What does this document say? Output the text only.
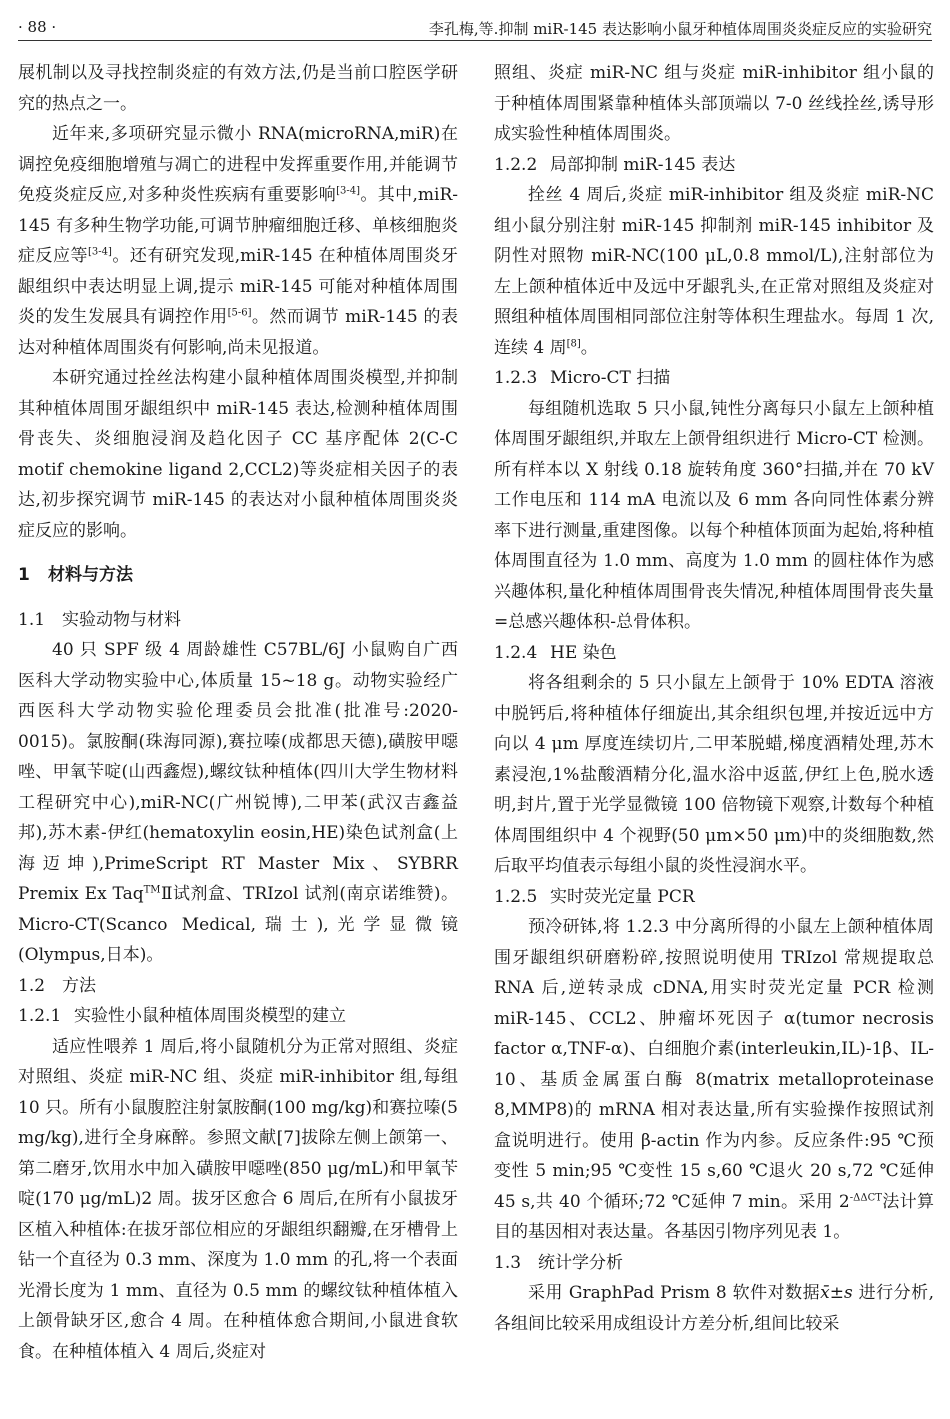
· 88 ·	李孔梅,等.抑制 miR-145 表达影响小鼠牙种植体周围炎炎症反应的实验研究

展机制以及寻找控制炎症的有效方法,仍是当前口腔医学研究的热点之一。

近年来,多项研究显示微小 RNA(microRNA,miR)在调控免疫细胞增殖与凋亡的进程中发挥重要作用,并能调节免疫炎症反应,对多种炎性疾病有重要影响[3-4]。其中,miR-145 有多种生物学功能,可调节肿瘤细胞迁移、单核细胞炎症反应等[3-4]。还有研究发现,miR-145 在种植体周围炎牙龈组织中表达明显上调,提示 miR-145 可能对种植体周围炎的发生发展具有调控作用[5-6]。然而调节 miR-145 的表达对种植体周围炎有何影响,尚未见报道。

本研究通过拴丝法构建小鼠种植体周围炎模型,并抑制其种植体周围牙龈组织中 miR-145 表达,检测种植体周围骨丧失、炎细胞浸润及趋化因子 CC 基序配体 2(C-C motif chemokine ligand 2,CCL2)等炎症相关因子的表达,初步探究调节 miR-145 的表达对小鼠种植体周围炎炎症反应的影响。

1 材料与方法

1.1 实验动物与材料

40 只 SPF 级 4 周龄雄性 C57BL/6J 小鼠购自广西医科大学动物实验中心,体质量 15~18 g。动物实验经广西医科大学动物实验伦理委员会批准(批准号:2020-0015)。氯胺酮(珠海同源),赛拉嗪(成都思天德),磺胺甲噁唑、甲氧苄啶(山西鑫煜),螺纹钛种植体(四川大学生物材料工程研究中心),miR-NC(广州锐博),二甲苯(武汉吉鑫益邦),苏木素-伊红(hematoxylin eosin,HE)染色试剂盒(上海迈坤),PrimeScript RT Master Mix、SYBRR Premix Ex Taq™Ⅱ试剂盒、TRIzol 试剂(南京诺维赞)。Micro-CT(Scanco Medical,瑞士),光学显微镜(Olympus,日本)。

1.2 方法

1.2.1 实验性小鼠种植体周围炎模型的建立

适应性喂养 1 周后,将小鼠随机分为正常对照组、炎症对照组、炎症 miR-NC 组、炎症 miR-inhibitor 组,每组 10 只。所有小鼠腹腔注射氯胺酮(100 mg/kg)和赛拉嗪(5 mg/kg),进行全身麻醉。参照文献[7]拔除左侧上颌第一、第二磨牙,饮用水中加入磺胺甲噁唑(850 μg/mL)和甲氧苄啶(170 μg/mL)2 周。拔牙区愈合 6 周后,在所有小鼠拔牙区植入种植体:在拔牙部位相应的牙龈组织翻瓣,在牙槽骨上钻一个直径为 0.3 mm、深度为 1.0 mm 的孔,将一个表面光滑长度为 1 mm、直径为 0.5 mm 的螺纹钛种植体植入上颌骨缺牙区,愈合 4 周。在种植体愈合期间,小鼠进食软食。在种植体植入 4 周后,炎症对

照组、炎症 miR-NC 组与炎症 miR-inhibitor 组小鼠的于种植体周围紧靠种植体头部顶端以 7-0 丝线拴丝,诱导形成实验性种植体周围炎。

1.2.2 局部抑制 miR-145 表达

拴丝 4 周后,炎症 miR-inhibitor 组及炎症 miR-NC 组小鼠分别注射 miR-145 抑制剂 miR-145 inhibitor 及阴性对照物 miR-NC(100 μL,0.8 mmol/L),注射部位为左上颌种植体近中及远中牙龈乳头,在正常对照组及炎症对照组种植体周围相同部位注射等体积生理盐水。每周 1 次,连续 4 周[8]。

1.2.3 Micro-CT 扫描

每组随机选取 5 只小鼠,钝性分离每只小鼠左上颌种植体周围牙龈组织,并取左上颌骨组织进行 Micro-CT 检测。所有样本以 X 射线 0.18 旋转角度 360°扫描,并在 70 kV 工作电压和 114 mA 电流以及 6 mm 各向同性体素分辨率下进行测量,重建图像。以每个种植体顶面为起始,将种植体周围直径为 1.0 mm、高度为 1.0 mm 的圆柱体作为感兴趣体积,量化种植体周围骨丧失情况,种植体周围骨丧失量=总感兴趣体积-总骨体积。

1.2.4 HE 染色

将各组剩余的 5 只小鼠左上颌骨于 10% EDTA 溶液中脱钙后,将种植体仔细旋出,其余组织包埋,并按近远中方向以 4 μm 厚度连续切片,二甲苯脱蜡,梯度酒精处理,苏木素浸泡,1%盐酸酒精分化,温水浴中返蓝,伊红上色,脱水透明,封片,置于光学显微镜 100 倍物镜下观察,计数每个种植体周围组织中 4 个视野(50 μm×50 μm)中的炎细胞数,然后取平均值表示每组小鼠的炎性浸润水平。

1.2.5 实时荧光定量 PCR

预冷研钵,将 1.2.3 中分离所得的小鼠左上颌种植体周围牙龈组织研磨粉碎,按照说明使用 TRIzol 常规提取总 RNA 后,逆转录成 cDNA,用实时荧光定量 PCR 检测 miR-145、CCL2、肿瘤坏死因子 α(tumor necrosis factor α,TNF-α)、白细胞介素(interleukin,IL)-1β、IL-10、基质金属蛋白酶 8(matrix metalloproteinase 8,MMP8)的 mRNA 相对表达量,所有实验操作按照试剂盒说明进行。使用 β-actin 作为内参。反应条件:95 ℃预变性 5 min;95 ℃变性 15 s,60 ℃退火 20 s,72 ℃延伸 45 s,共 40 个循环;72 ℃延伸 7 min。采用 $2^{-\Delta\Delta CT}$法计算目的基因相对表达量。各基因引物序列见表 1。

1.3 统计学分析

采用 GraphPad Prism 8 软件对数据x̄±s 进行分析,各组间比较采用成组设计方差分析,组间比较采
